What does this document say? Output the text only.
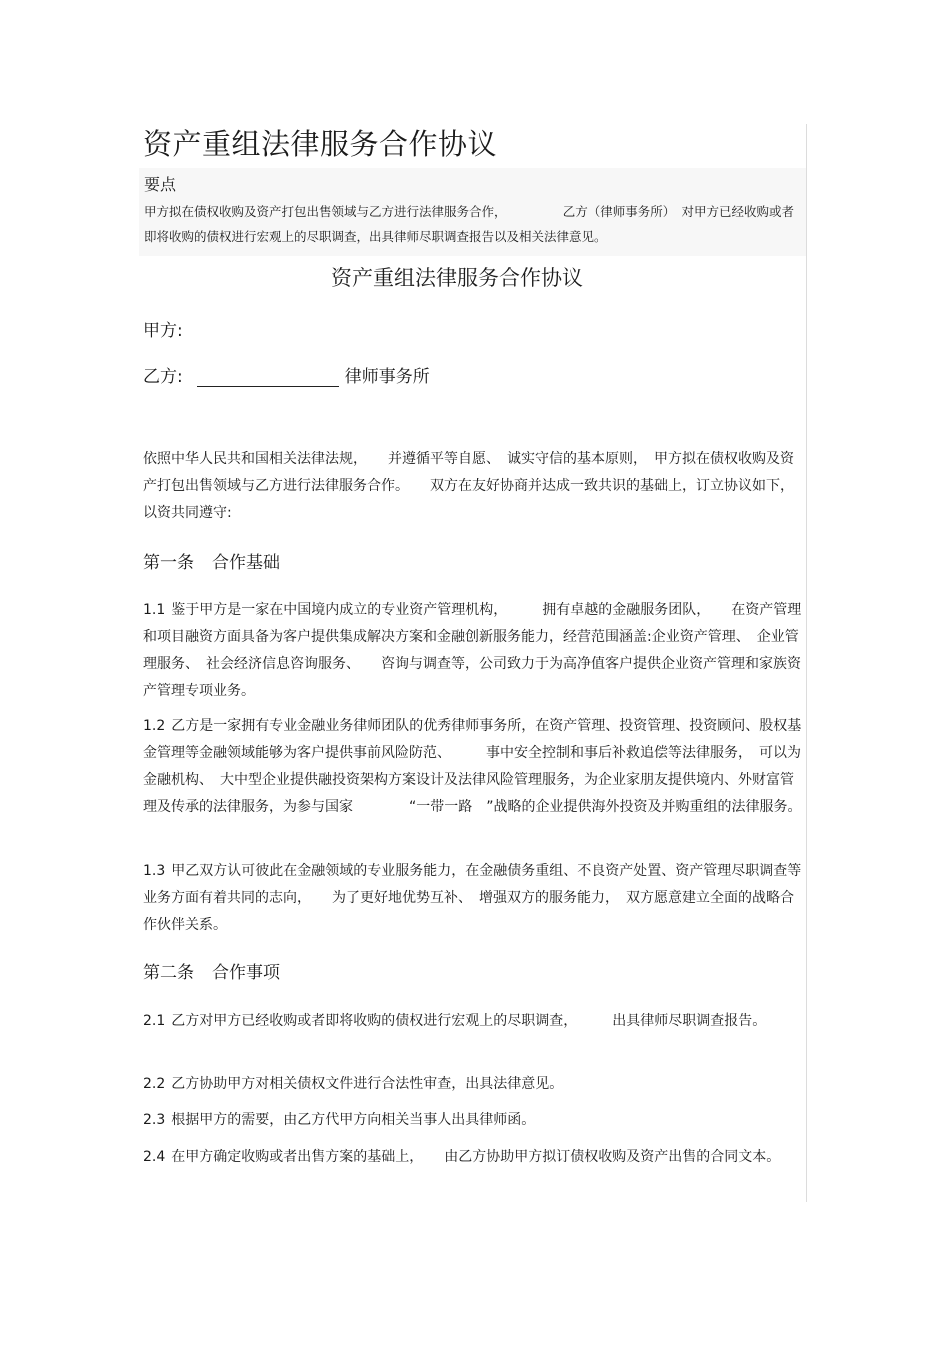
资产重组法律服务合作协议
要点
甲方拟在债权收购及资产打包出售领域与乙方进行法律服务合作，　　　　　乙方（律师事务所）　对甲方已经收购或者即将收购的债权进行宏观上的尽职调查，出具律师尽职调查报告以及相关法律意见。
资产重组法律服务合作协议
甲方:
乙方:	律师事务所
依照中华人民共和国相关法律法规，　　并遵循平等自愿、　诚实守信的基本原则，　甲方拟在债权收购及资产打包出售领域与乙方进行法律服务合作。　　双方在友好协商并达成一致共识的基础上，订立协议如下，以资共同遵守:
第一条 合作基础
1.1 鉴于甲方是一家在中国境内成立的专业资产管理机构，　　　拥有卓越的金融服务团队，　　在资产管理和项目融资方面具备为客户提供集成解决方案和金融创新服务能力，经营范围涵盖:企业资产管理、　企业管理服务、　社会经济信息咨询服务、　　咨询与调查等，公司致力于为高净值客户提供企业资产管理和家族资产管理专项业务。
1.2 乙方是一家拥有专业金融业务律师团队的优秀律师事务所，在资产管理、投资管理、投资顾问、股权基金管理等金融领域能够为客户提供事前风险防范、　　　事中安全控制和事后补救追偿等法律服务，　可以为金融机构、　大中型企业提供融投资架构方案设计及法律风险管理服务，为企业家朋友提供境内、外财富管理及传承的法律服务，为参与国家　　　　“一带一路　”战略的企业提供海外投资及并购重组的法律服务。
1.3 甲乙双方认可彼此在金融领域的专业服务能力，在金融债务重组、不良资产处置、资产管理尽职调查等业务方面有着共同的志向，　　为了更好地优势互补、　增强双方的服务能力，　双方愿意建立全面的战略合作伙伴关系。
第二条 合作事项
2.1 乙方对甲方已经收购或者即将收购的债权进行宏观上的尽职调查，　　　出具律师尽职调查报告。
2.2 乙方协助甲方对相关债权文件进行合法性审查，出具法律意见。
2.3 根据甲方的需要，由乙方代甲方向相关当事人出具律师函。
2.4 在甲方确定收购或者出售方案的基础上，　　由乙方协助甲方拟订债权收购及资产出售的合同文本。
